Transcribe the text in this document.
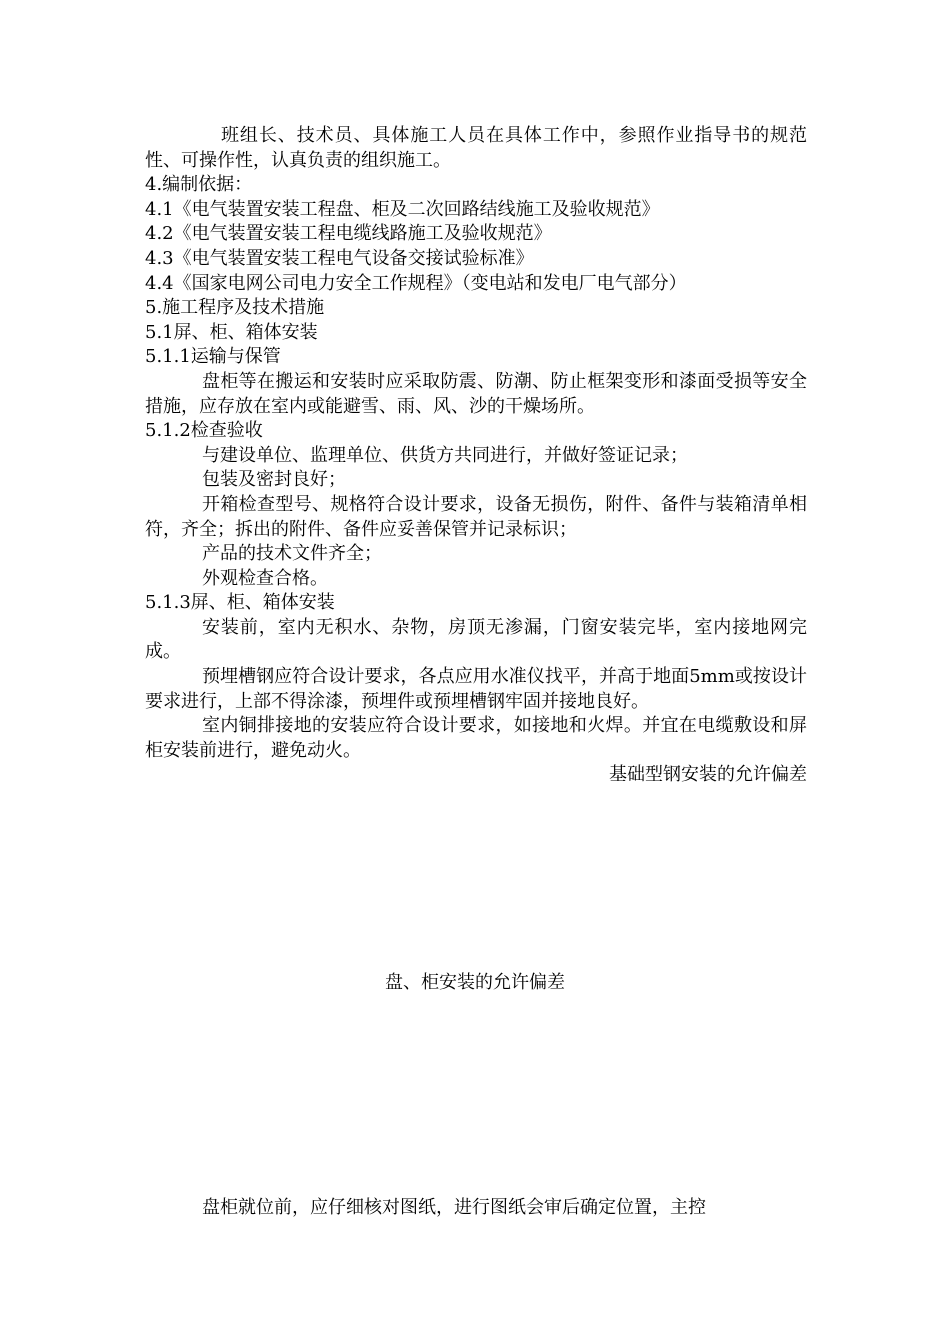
班组长、技术员、具体施工人员在具体工作中，参照作业指导书的规范性、可操作性，认真负责的组织施工。

4.编制依据：

4.1《电气装置安装工程盘、柜及二次回路结线施工及验收规范》

4.2《电气装置安装工程电缆线路施工及验收规范》

4.3《电气装置安装工程电气设备交接试验标准》

4.4《国家电网公司电力安全工作规程》（变电站和发电厂电气部分）

5.施工程序及技术措施

5.1屏、柜、箱体安装

5.1.1运输与保管

盘柜等在搬运和安装时应采取防震、防潮、防止框架变形和漆面受损等安全措施，应存放在室内或能避雪、雨、风、沙的干燥场所。

5.1.2检查验收

与建设单位、监理单位、供货方共同进行，并做好签证记录；

包装及密封良好；

开箱检查型号、规格符合设计要求，设备无损伤，附件、备件与装箱清单相符，齐全；拆出的附件、备件应妥善保管并记录标识；

产品的技术文件齐全；

外观检查合格。

5.1.3屏、柜、箱体安装

安装前，室内无积水、杂物，房顶无渗漏，门窗安装完毕，室内接地网完成。

预埋槽钢应符合设计要求，各点应用水准仪找平，并高于地面5mm或按设计要求进行，上部不得涂漆，预埋件或预埋槽钢牢固并接地良好。

室内铜排接地的安装应符合设计要求，如接地和火焊。并宜在电缆敷设和屏柜安装前进行，避免动火。

基础型钢安装的允许偏差

盘、柜安装的允许偏差
盘柜就位前，应仔细核对图纸，进行图纸会审后确定位置，主控
